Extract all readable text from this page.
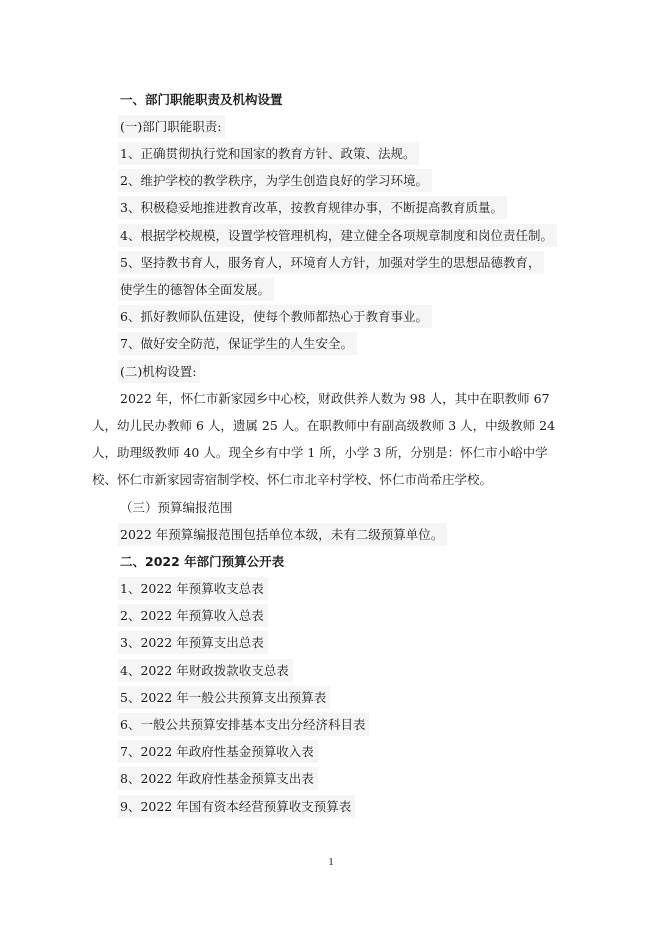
一、部门职能职责及机构设置
(一)部门职能职责:
1、正确贯彻执行党和国家的教育方针、政策、法规。
2、维护学校的教学秩序，为学生创造良好的学习环境。
3、积极稳妥地推进教育改革，按教育规律办事，不断提高教育质量。
4、根据学校规模，设置学校管理机构，建立健全各项规章制度和岗位责任制。
5、坚持教书育人，服务育人，环境育人方针，加强对学生的思想品德教育，
使学生的德智体全面发展。
6、抓好教师队伍建设，使每个教师都热心于教育事业。
7、做好安全防范，保证学生的人生安全。
(二)机构设置:
2022 年，怀仁市新家园乡中心校，财政供养人数为 98 人，其中在职教师 67
人，幼儿民办教师 6 人，遗属 25 人。在职教师中有副高级教师 3 人，中级教师 24
人，助理级教师 40 人。现全乡有中学 1 所，小学 3 所，分别是：怀仁市小峪中学
校、怀仁市新家园寄宿制学校、怀仁市北辛村学校、怀仁市尚希庄学校。
（三）预算编报范围
2022 年预算编报范围包括单位本级，未有二级预算单位。
二、2022 年部门预算公开表
1、2022 年预算收支总表
2、2022 年预算收入总表
3、2022 年预算支出总表
4、2022 年财政拨款收支总表
5、2022 年一般公共预算支出预算表
6、一般公共预算安排基本支出分经济科目表
7、2022 年政府性基金预算收入表
8、2022 年政府性基金预算支出表
9、2022 年国有资本经营预算收支预算表
1
